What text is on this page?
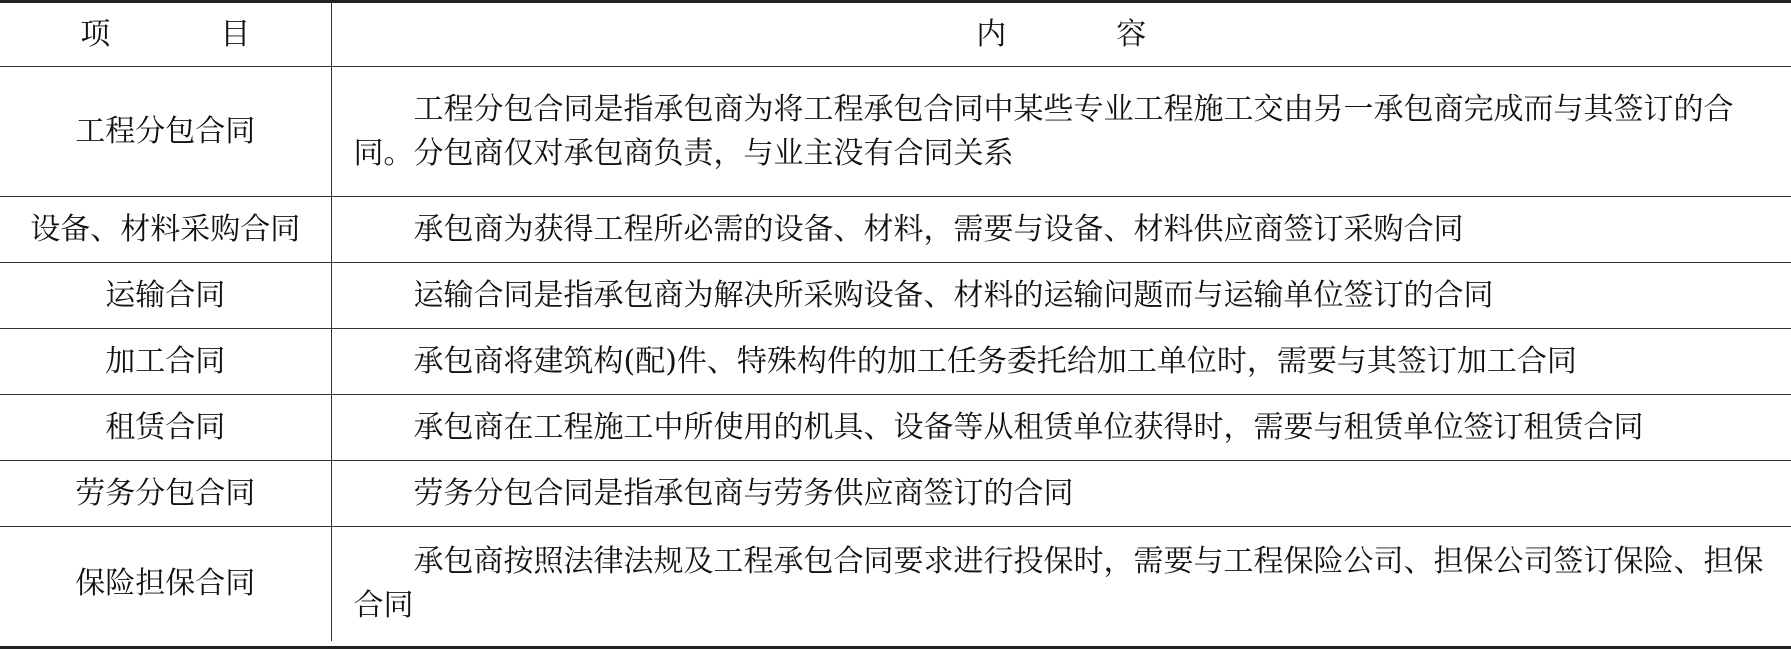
项　目	内　容
工程分包合同	工程分包合同是指承包商为将工程承包合同中某些专业工程施工交由另一承包商完成而与其签订的合同。分包商仅对承包商负责，与业主没有合同关系
设备、材料采购合同	承包商为获得工程所必需的设备、材料，需要与设备、材料供应商签订采购合同
运输合同	运输合同是指承包商为解决所采购设备、材料的运输问题而与运输单位签订的合同
加工合同	承包商将建筑构(配)件、特殊构件的加工任务委托给加工单位时，需要与其签订加工合同
租赁合同	承包商在工程施工中所使用的机具、设备等从租赁单位获得时，需要与租赁单位签订租赁合同
劳务分包合同	劳务分包合同是指承包商与劳务供应商签订的合同
保险担保合同	承包商按照法律法规及工程承包合同要求进行投保时，需要与工程保险公司、担保公司签订保险、担保合同
